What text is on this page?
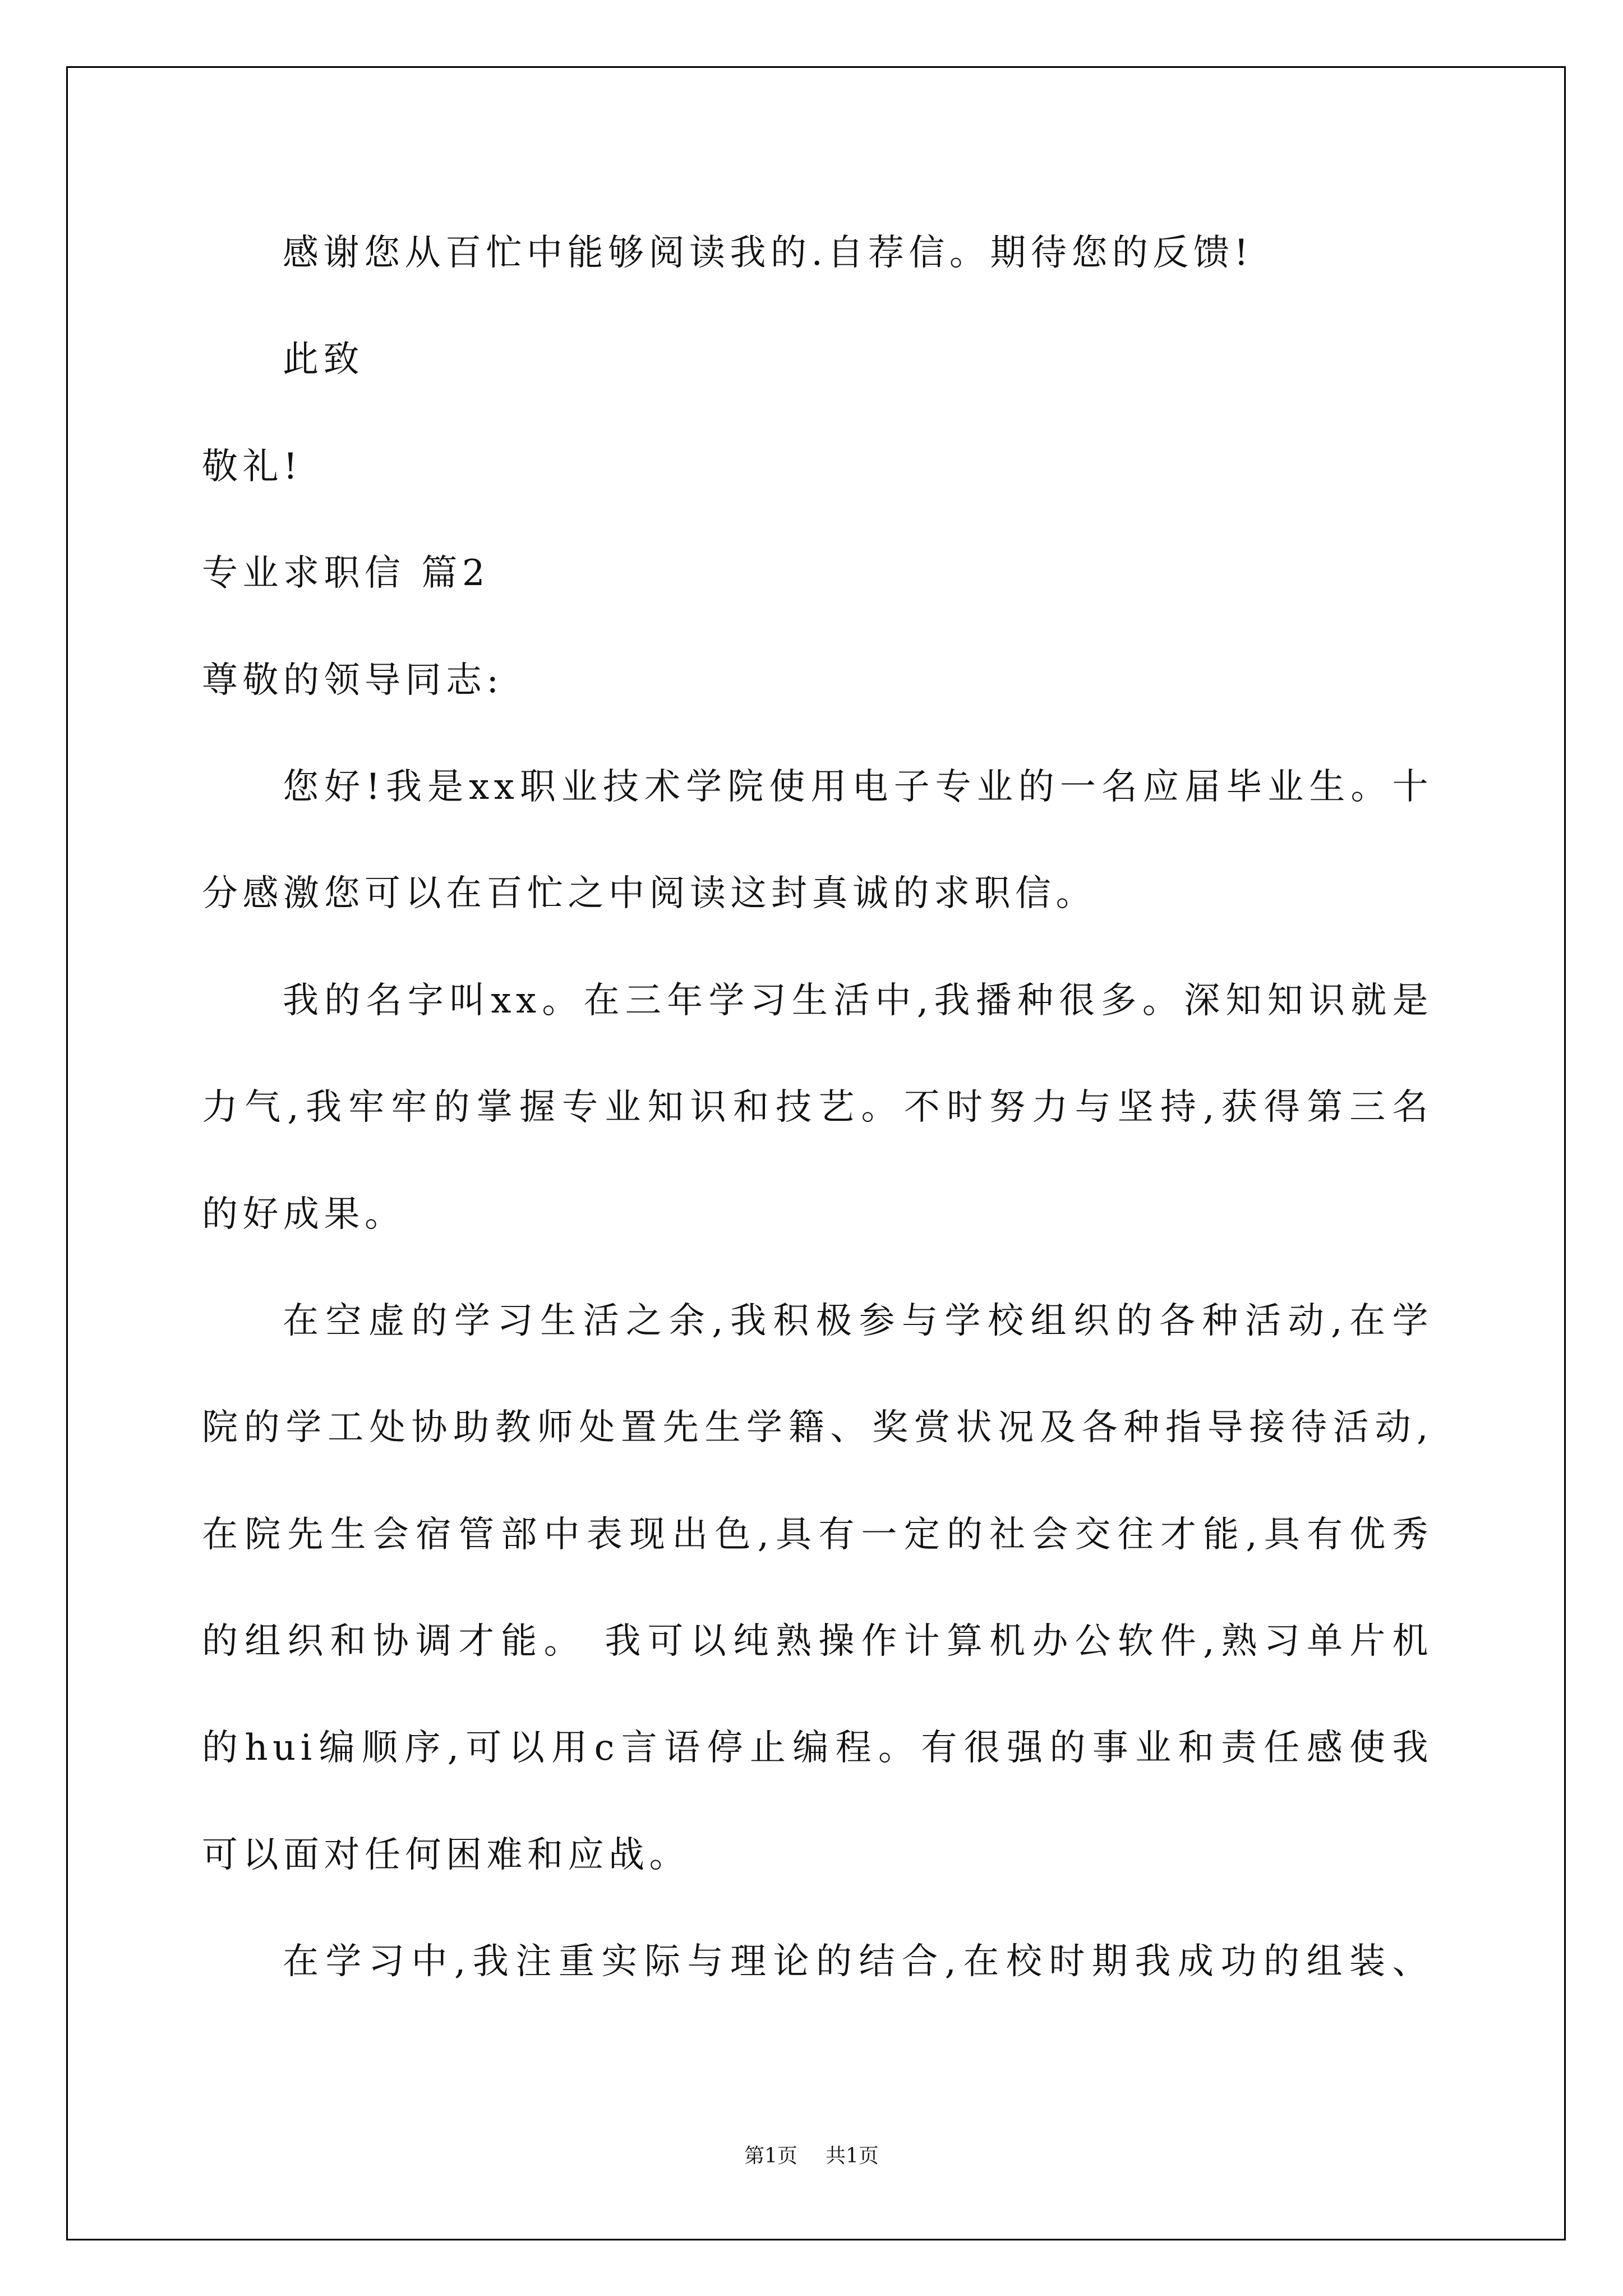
感谢您从百忙中能够阅读我的.自荐信。期待您的反馈!
此致
敬礼!
专业求职信 篇2
尊敬的领导同志:
您好!我是xx职业技术学院使用电子专业的一名应届毕业生。十
分感激您可以在百忙之中阅读这封真诚的求职信。
我的名字叫xx。在三年学习生活中,我播种很多。深知知识就是
力气,我牢牢的掌握专业知识和技艺。不时努力与坚持,获得第三名
的好成果。
在空虚的学习生活之余,我积极参与学校组织的各种活动,在学
院的学工处协助教师处置先生学籍、奖赏状况及各种指导接待活动,
在院先生会宿管部中表现出色,具有一定的社会交往才能,具有优秀
的组织和协调才能。 我可以纯熟操作计算机办公软件,熟习单片机
的hui编顺序,可以用c言语停止编程。有很强的事业和责任感使我
可以面对任何困难和应战。
在学习中,我注重实际与理论的结合,在校时期我成功的组装、
第1页 共1页
